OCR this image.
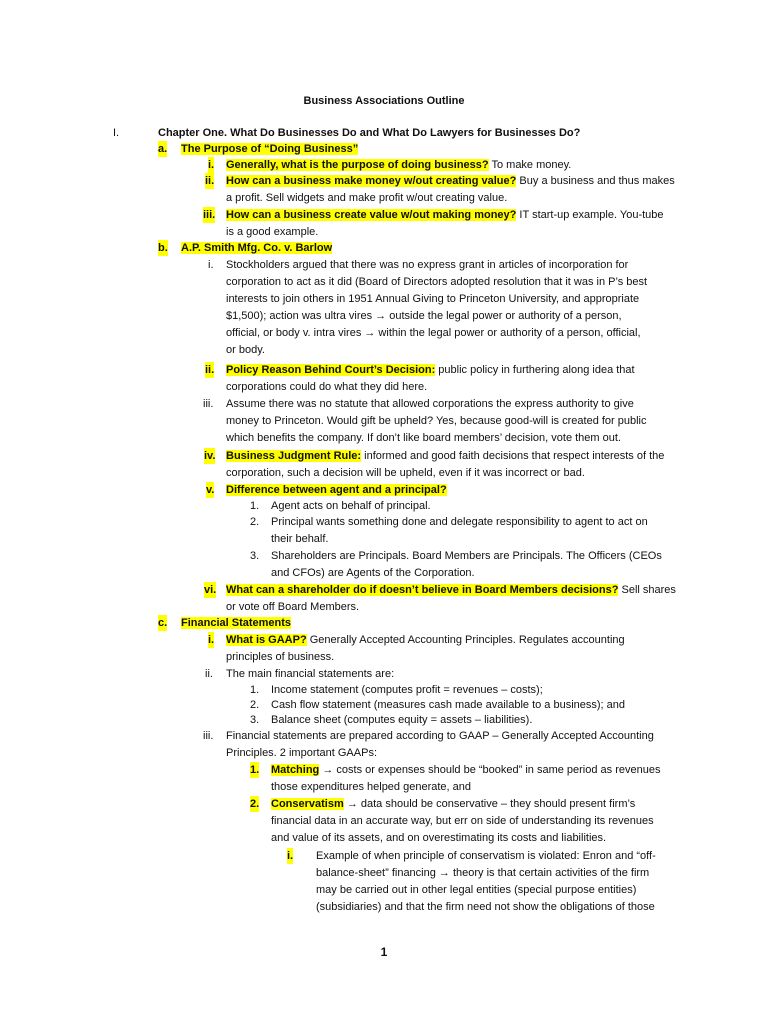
Business Associations Outline
I.	Chapter One. What Do Businesses Do and What Do Lawyers for Businesses Do?
a. The Purpose of “Doing Business”
i. Generally, what is the purpose of doing business? To make money.
ii. How can a business make money w/out creating value? Buy a business and thus makes
a profit. Sell widgets and make profit w/out creating value.
iii. How can a business create value w/out making money? IT start-up example. You-tube
is a good example.
b. A.P. Smith Mfg. Co. v. Barlow
i. Stockholders argued that there was no express grant in articles of incorporation for
corporation to act as it did (Board of Directors adopted resolution that it was in P’s best
interests to join others in 1951 Annual Giving to Princeton University, and appropriate
$1,500); action was ultra vires → outside the legal power or authority of a person,
official, or body v. intra vires → within the legal power or authority of a person, official,
or body.
ii. Policy Reason Behind Court’s Decision: public policy in furthering along idea that
corporations could do what they did here.
iii. Assume there was no statute that allowed corporations the express authority to give
money to Princeton. Would gift be upheld? Yes, because good-will is created for public
which benefits the company. If don’t like board members’ decision, vote them out.
iv. Business Judgment Rule: informed and good faith decisions that respect interests of the
corporation, such a decision will be upheld, even if it was incorrect or bad.
v. Difference between agent and a principal?
1. Agent acts on behalf of principal.
2. Principal wants something done and delegate responsibility to agent to act on
their behalf.
3. Shareholders are Principals. Board Members are Principals. The Officers (CEOs
and CFOs) are Agents of the Corporation.
vi. What can a shareholder do if doesn’t believe in Board Members decisions? Sell shares
or vote off Board Members.
c. Financial Statements
i. What is GAAP? Generally Accepted Accounting Principles. Regulates accounting
principles of business.
ii. The main financial statements are:
1. Income statement (computes profit = revenues – costs);
2. Cash flow statement (measures cash made available to a business); and
3. Balance sheet (computes equity = assets – liabilities).
iii. Financial statements are prepared according to GAAP – Generally Accepted Accounting
Principles. 2 important GAAPs:
1. Matching → costs or expenses should be “booked” in same period as revenues
those expenditures helped generate, and
2. Conservatism → data should be conservative – they should present firm’s
financial data in an accurate way, but err on side of understanding its revenues
and value of its assets, and on overestimating its costs and liabilities.
i. Example of when principle of conservatism is violated: Enron and “off-
balance-sheet” financing → theory is that certain activities of the firm
may be carried out in other legal entities (special purpose entities)
(subsidiaries) and that the firm need not show the obligations of those
1
